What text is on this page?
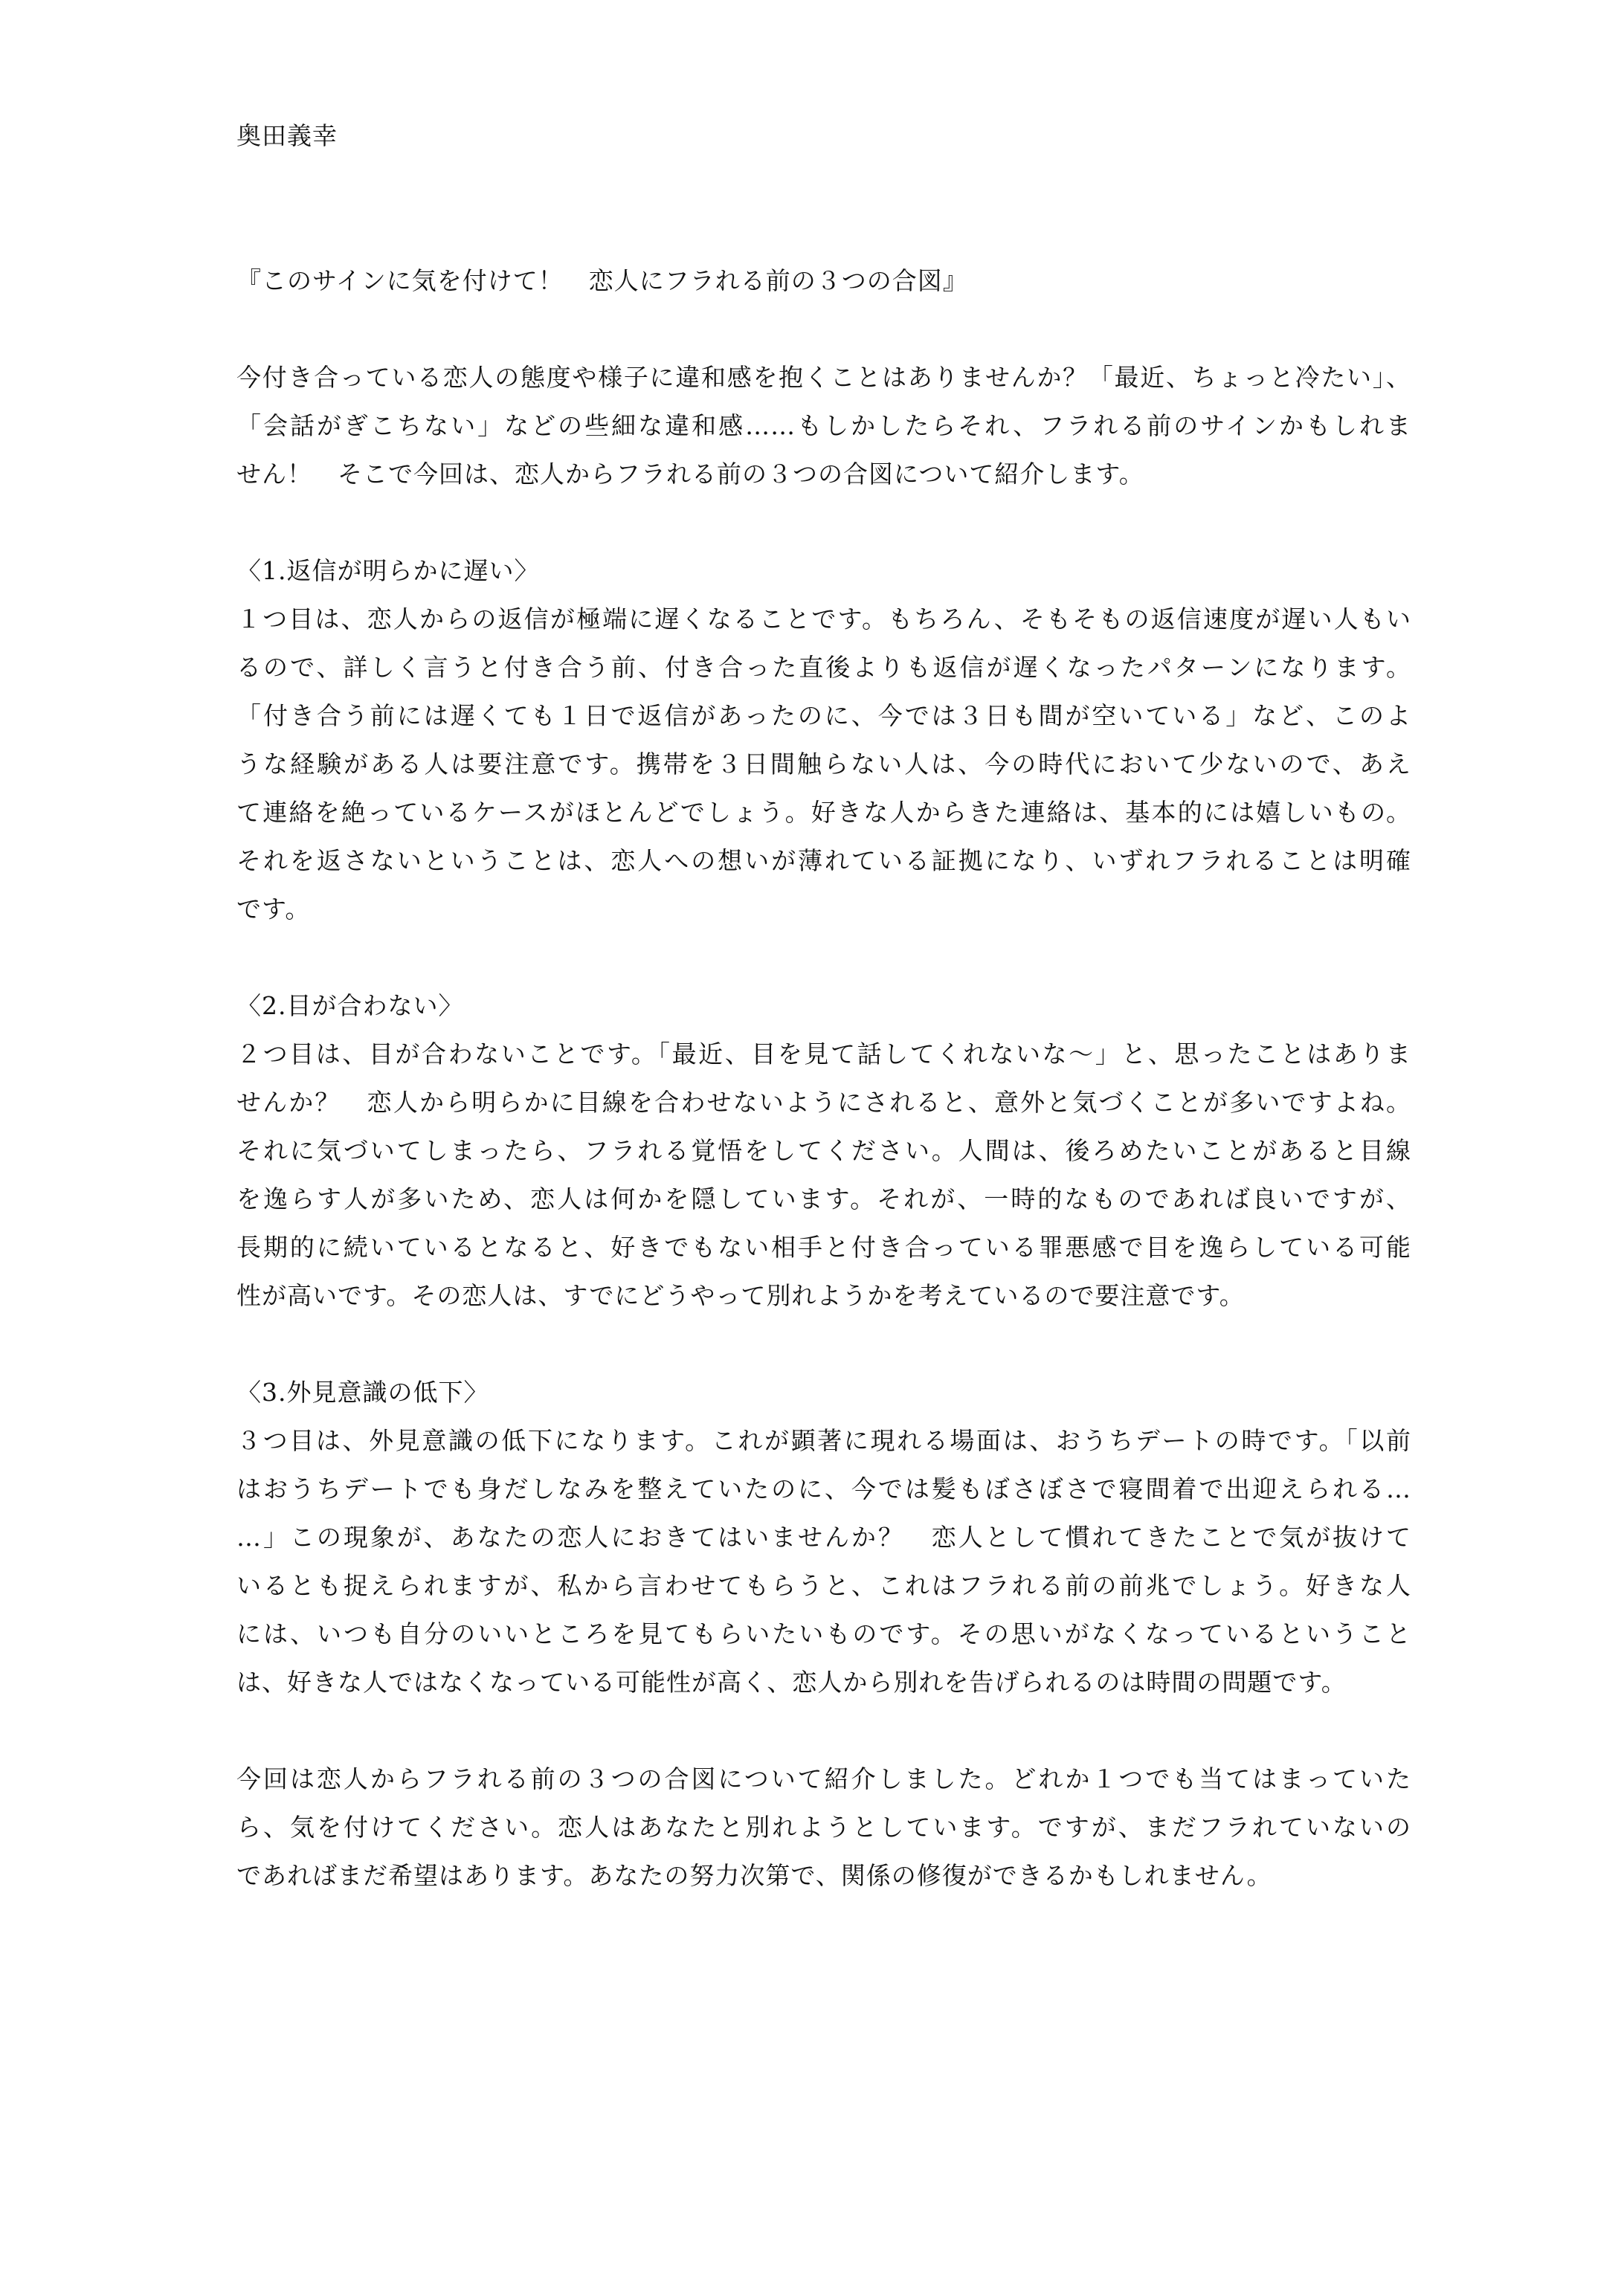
奥田義幸
『このサインに気を付けて！　恋人にフラれる前の３つの合図』
今付き合っている恋人の態度や様子に違和感を抱くことはありませんか？「最近、ちょっと冷たい」、
「会話がぎこちない」などの些細な違和感……もしかしたらそれ、フラれる前のサインかもしれま
せん！　そこで今回は、恋人からフラれる前の３つの合図について紹介します。
〈1.返信が明らかに遅い〉
１つ目は、恋人からの返信が極端に遅くなることです。もちろん、そもそもの返信速度が遅い人もい
るので、詳しく言うと付き合う前、付き合った直後よりも返信が遅くなったパターンになります。
「付き合う前には遅くても１日で返信があったのに、今では３日も間が空いている」など、このよ
うな経験がある人は要注意です。携帯を３日間触らない人は、今の時代において少ないので、あえ
て連絡を絶っているケースがほとんどでしょう。好きな人からきた連絡は、基本的には嬉しいもの。
それを返さないということは、恋人への想いが薄れている証拠になり、いずれフラれることは明確
です。
〈2.目が合わない〉
２つ目は、目が合わないことです。「最近、目を見て話してくれないな～」と、思ったことはありま
せんか？　恋人から明らかに目線を合わせないようにされると、意外と気づくことが多いですよね。
それに気づいてしまったら、フラれる覚悟をしてください。人間は、後ろめたいことがあると目線
を逸らす人が多いため、恋人は何かを隠しています。それが、一時的なものであれば良いですが、
長期的に続いているとなると、好きでもない相手と付き合っている罪悪感で目を逸らしている可能
性が高いです。その恋人は、すでにどうやって別れようかを考えているので要注意です。
〈3.外見意識の低下〉
３つ目は、外見意識の低下になります。これが顕著に現れる場面は、おうちデートの時です。「以前
はおうちデートでも身だしなみを整えていたのに、今では髪もぼさぼさで寝間着で出迎えられる…
…」この現象が、あなたの恋人におきてはいませんか？　恋人として慣れてきたことで気が抜けて
いるとも捉えられますが、私から言わせてもらうと、これはフラれる前の前兆でしょう。好きな人
には、いつも自分のいいところを見てもらいたいものです。その思いがなくなっているということ
は、好きな人ではなくなっている可能性が高く、恋人から別れを告げられるのは時間の問題です。
今回は恋人からフラれる前の３つの合図について紹介しました。どれか１つでも当てはまっていた
ら、気を付けてください。恋人はあなたと別れようとしています。ですが、まだフラれていないの
であればまだ希望はあります。あなたの努力次第で、関係の修復ができるかもしれません。
